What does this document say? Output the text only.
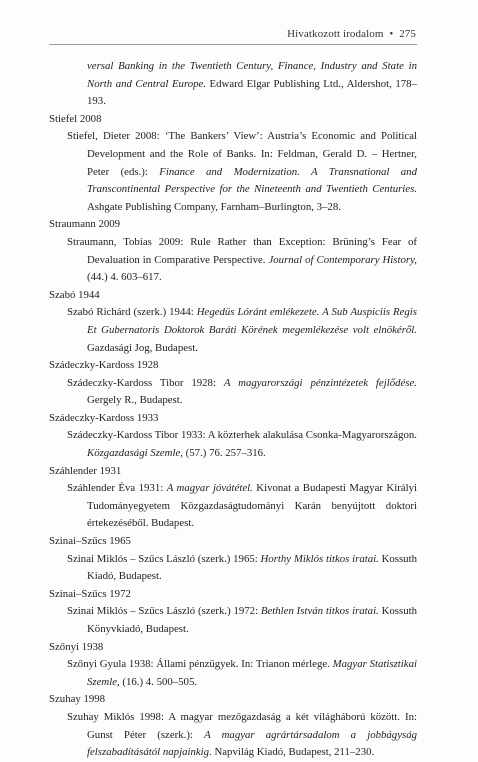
Hivatkozott irodalom • 275

versal Banking in the Twentieth Century, Finance, Industry and State in North and Central Europe. Edward Elgar Publishing Ltd., Aldershot, 178–193.

Stiefel 2008

Stiefel, Dieter 2008: ‘The Bankers’ View’: Austria’s Economic and Political Development and the Role of Banks. In: Feldman, Gerald D. – Hertner, Peter (eds.): Finance and Modernization. A Transnational and Transcontinental Perspective for the Nineteenth and Twentieth Centuries. Ashgate Publishing Company, Farnham–Burlington, 3–28.

Straumann 2009

Straumann, Tobias 2009: Rule Rather than Exception: Brüning’s Fear of Devaluation in Comparative Perspective. Journal of Contemporary History, (44.) 4. 603–617.

Szabó 1944

Szabó Richárd (szerk.) 1944: Hegedüs Lóránt emlékezete. A Sub Auspiciis Regis Et Gubernatoris Doktorok Baráti Körének megemlékezése volt elnökéről. Gazdasági Jog, Budapest.

Szádeczky-Kardoss 1928

Szádeczky-Kardoss Tibor 1928: A magyarországi pénzintézetek fejlődése. Gergely R., Budapest.

Szádeczky-Kardoss 1933

Szádeczky-Kardoss Tibor 1933: A közterhek alakulása Csonka-Magyarországon. Közgazdasági Szemle, (57.) 76. 257–316.

Száhlender 1931

Száhlender Éva 1931: A magyar jóvátétel. Kivonat a Budapesti Magyar Királyi Tudományegyetem Közgazdaságtudományi Karán benyújtott doktori értekezéséből. Budapest.

Szinai–Szűcs 1965

Szinai Miklós – Szűcs László (szerk.) 1965: Horthy Miklós titkos iratai. Kossuth Kiadó, Budapest.

Szinai–Szűcs 1972

Szinai Miklós – Szűcs László (szerk.) 1972: Bethlen István titkos iratai. Kossuth Könyvkiadó, Budapest.

Szőnyi 1938

Szőnyi Gyula 1938: Állami pénzügyek. In: Trianon mérlege. Magyar Statisztikai Szemle, (16.) 4. 500–505.

Szuhay 1998

Szuhay Miklós 1998: A magyar mezőgazdaság a két világháború között. In: Gunst Péter (szerk.): A magyar agrártársadalom a jobbágyság felszabadításától napjainkig. Napvilág Kiadó, Budapest, 211–230.
